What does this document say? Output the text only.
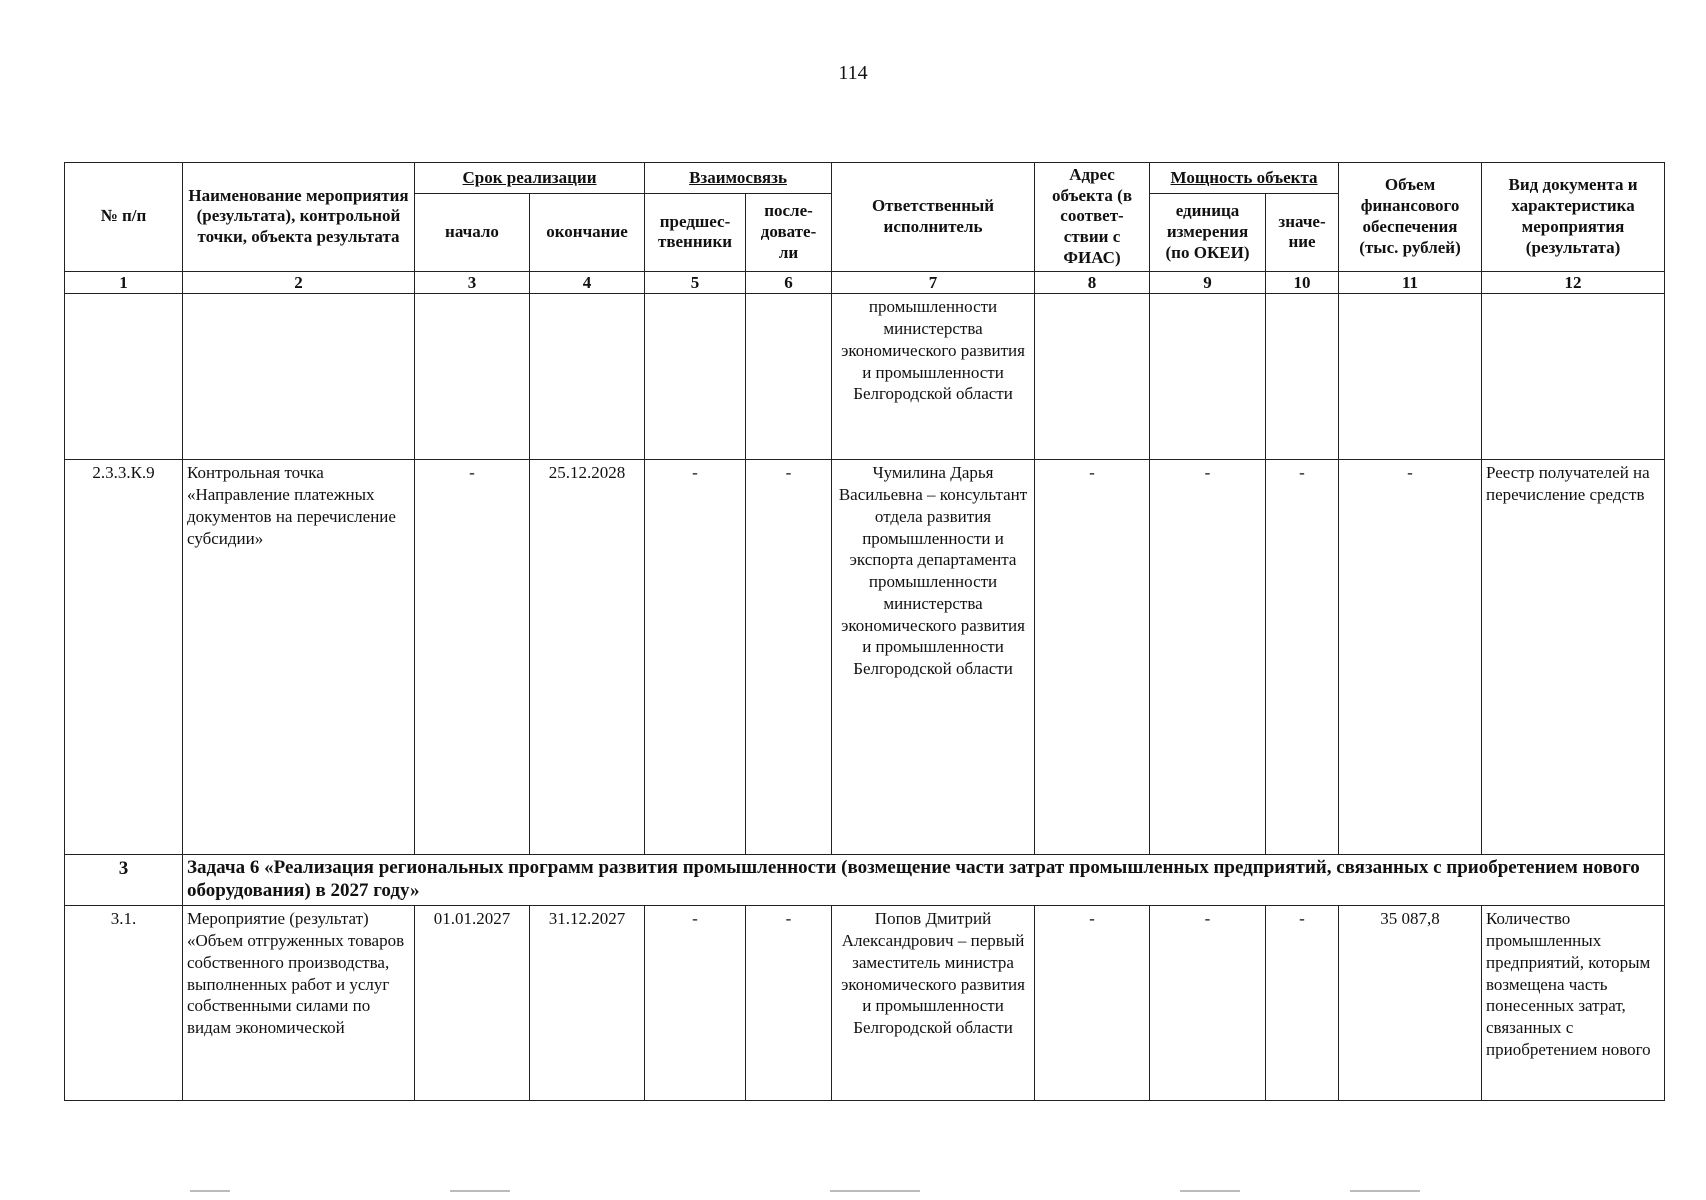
114
№ п/п	Наименование мероприятия (результата), контрольной точки, объекта результата	Срок реализации		Взаимосвязь		Ответственный исполнитель	Адрес объекта (в соответ- ствии с ФИАС)	Мощность объекта		Объем финансового обеспечения (тыс. рублей)	Вид документа и характеристика мероприятия (результата)
		начало	окончание	предшес- твенники	после- довате- ли			единица измерения (по ОКЕИ)	значе- ние		
1	2	3	4	5	6	7	8	9	10	11	12
						промышленности министерства экономического развития и промышленности Белгородской области					
2.3.3.К.9	Контрольная точка «Направление платежных документов на перечисление субсидии»	-	25.12.2028	-	-	Чумилина Дарья Васильевна – консультант отдела развития промышленности и экспорта департамента промышленности министерства экономического развития и промышленности Белгородской области	-	-	-	-	Реестр получателей на перечисление средств
3	Задача 6 «Реализация региональных программ развития промышленности (возмещение части затрат промышленных предприятий, связанных с приобретением нового оборудования) в 2027 году»										
3.1.	Мероприятие (результат) «Объем отгруженных товаров собственного производства, выполненных работ и услуг собственными силами по видам экономической	01.01.2027	31.12.2027	-	-	Попов Дмитрий Александрович – первый заместитель министра экономического развития и промышленности Белгородской области	-	-	-	35 087,8	Количество промышленных предприятий, которым возмещена часть понесенных затрат, связанных с приобретением нового
